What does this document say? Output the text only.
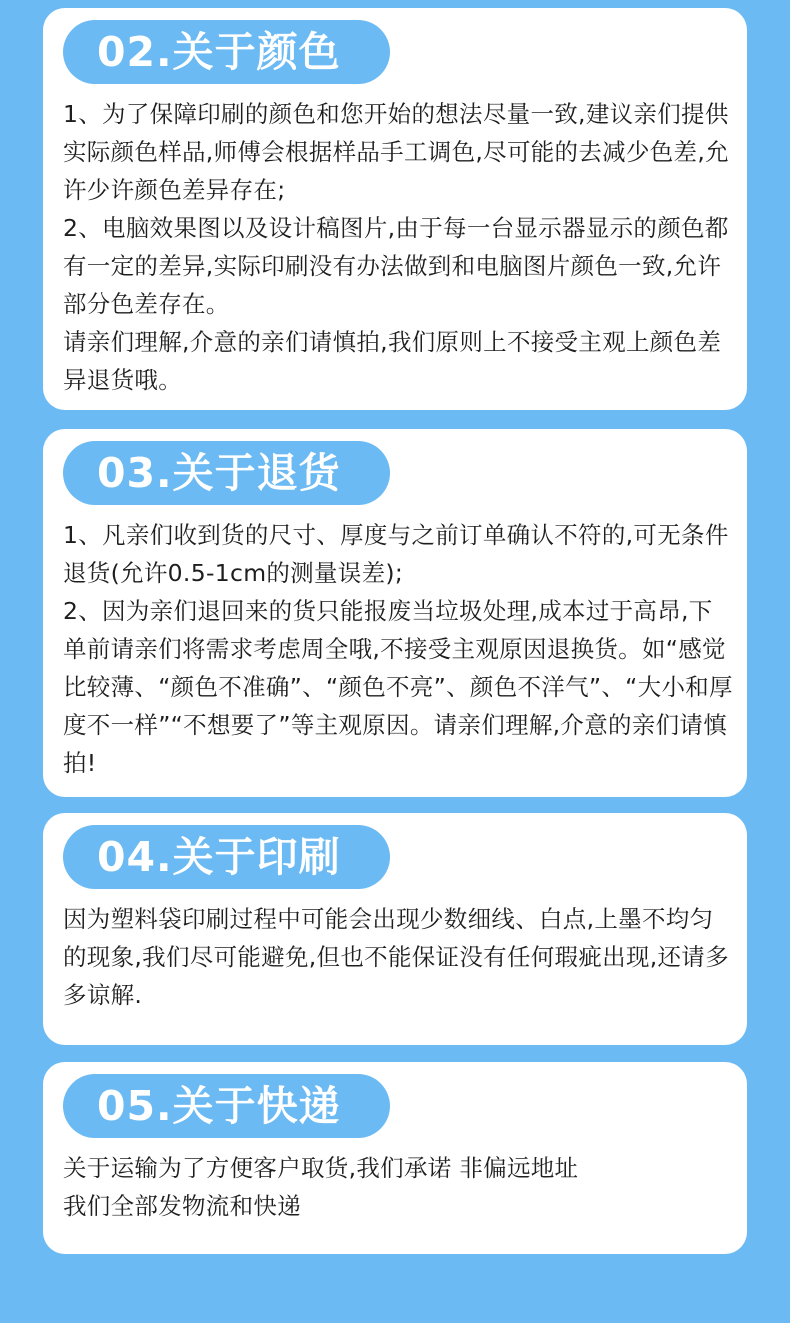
02.关于颜色

1、为了保障印刷的颜色和您开始的想法尽量一致,建议亲们提供实际颜色样品,师傅会根据样品手工调色,尽可能的去减少色差,允许少许颜色差异存在;

2、电脑效果图以及设计稿图片,由于每一台显示器显示的颜色都有一定的差异,实际印刷没有办法做到和电脑图片颜色一致,允许部分色差存在。

请亲们理解,介意的亲们请慎拍,我们原则上不接受主观上颜色差异退货哦。

03.关于退货

1、凡亲们收到货的尺寸、厚度与之前订单确认不符的,可无条件退货(允许0.5-1cm的测量误差);

2、因为亲们退回来的货只能报废当垃圾处理,成本过于高昂,下单前请亲们将需求考虑周全哦,不接受主观原因退换货。如“感觉比较薄、“颜色不准确”、“颜色不亮”、颜色不洋气”、“大小和厚度不一样”“不想要了”等主观原因。请亲们理解,介意的亲们请慎拍!

04.关于印刷

因为塑料袋印刷过程中可能会出现少数细线、白点,上墨不均匀的现象,我们尽可能避免,但也不能保证没有任何瑕疵出现,还请多多谅解.

05.关于快递

关于运输为了方便客户取货,我们承诺 非偏远地址

我们全部发物流和快递
